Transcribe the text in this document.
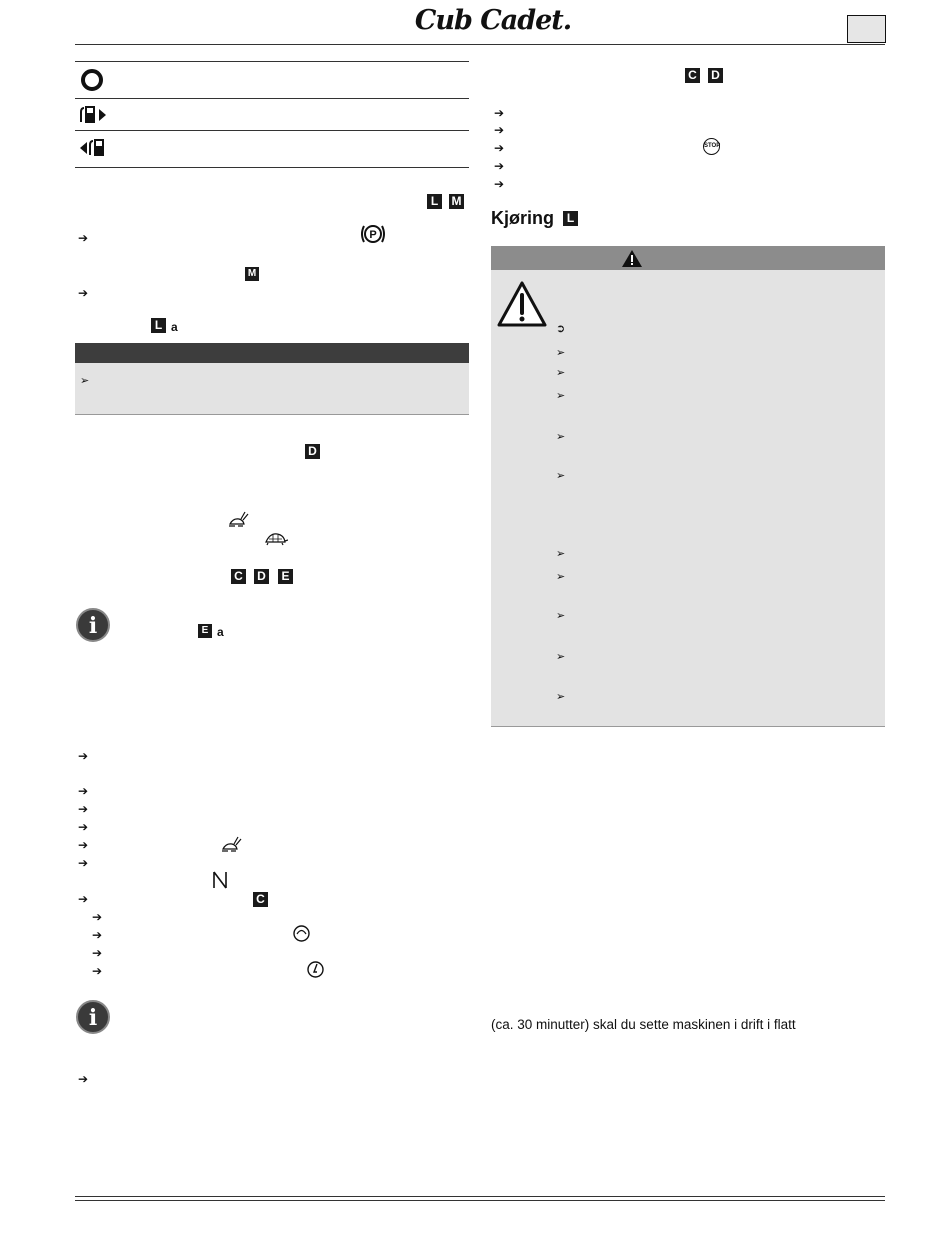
Cub Cadet.
L	M
➔	P
M
➔
L a
➢
D
C D E
i	E a
➔
➔
➔
➔
➔
➔
➔	C
➔
➔
➔
➔
i
➔
C D
➔
➔
➔	STOP
➔
➔
Kjøring	L
➲
➢
➢
➢
➢
➢
➢
➢
➢
➢
➢
(ca. 30 minutter) skal du sette maskinen i drift i flatt
